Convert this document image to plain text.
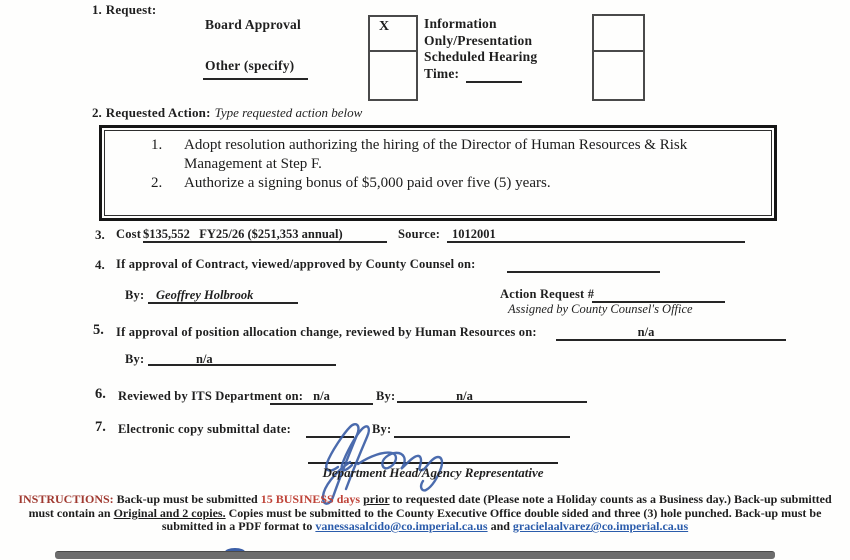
1. Request:
Board Approval
Other (specify)
X	Information
Only/Presentation
Scheduled Hearing
Time:
2. Requested Action: Type requested action below
1.	Adopt resolution authorizing the hiring of the Director of Human Resources & Risk Management at Step F.
2.	Authorize a signing bonus of $5,000 paid over five (5) years.
3. Cost $135,552   FY25/26 ($251,353 annual)	Source: 1012001
4. If approval of Contract, viewed/approved by County Counsel on:
By: Geoffrey Holbrook	Action Request #
Assigned by County Counsel's Office
5. If approval of position allocation change, reviewed by Human Resources on:	n/a
By:	n/a
6. Reviewed by ITS Department on: n/a	By:	n/a
7. Electronic copy submittal date:	By:
Department Head/Agency Representative
INSTRUCTIONS: Back-up must be submitted 15 BUSINESS days prior to requested date (Please note a Holiday counts as a Business day.) Back-up submitted must contain an Original and 2 copies. Copies must be submitted to the County Executive Office double sided and three (3) hole punched. Back-up must be submitted in a PDF format to vanessasalcido@co.imperial.ca.us and gracielaalvarez@co.imperial.ca.us
